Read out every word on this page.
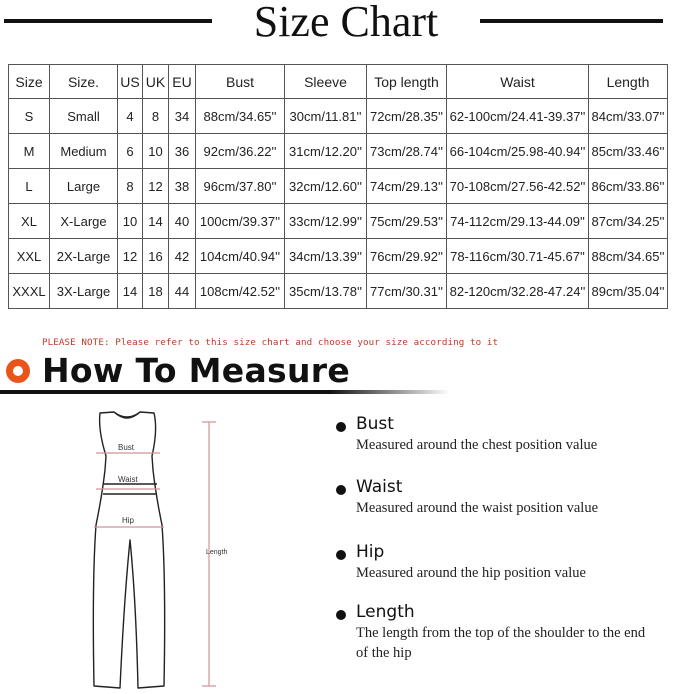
Size Chart
Size	Size.	US	UK	EU	Bust	Sleeve	Top length	Waist	Length
S	Small	4	8	34	88cm/34.65''	30cm/11.81''	72cm/28.35''	62-100cm/24.41-39.37''	84cm/33.07''
M	Medium	6	10	36	92cm/36.22''	31cm/12.20''	73cm/28.74''	66-104cm/25.98-40.94''	85cm/33.46''
L	Large	8	12	38	96cm/37.80''	32cm/12.60''	74cm/29.13''	70-108cm/27.56-42.52''	86cm/33.86''
XL	X-Large	10	14	40	100cm/39.37''	33cm/12.99''	75cm/29.53''	74-112cm/29.13-44.09''	87cm/34.25''
XXL	2X-Large	12	16	42	104cm/40.94''	34cm/13.39''	76cm/29.92''	78-116cm/30.71-45.67''	88cm/34.65''
XXXL	3X-Large	14	18	44	108cm/42.52''	35cm/13.78''	77cm/30.31''	82-120cm/32.28-47.24''	89cm/35.04''
PLEASE NOTE: Please refer to this size chart and choose your size according to it
How To Measure
Bust
Waist
Hip
Length
Bust
Measured around the chest position value
Waist
Measured around the waist position value
Hip
Measured around the hip position value
Length
The length from the top of the shoulder to the end of the hip
